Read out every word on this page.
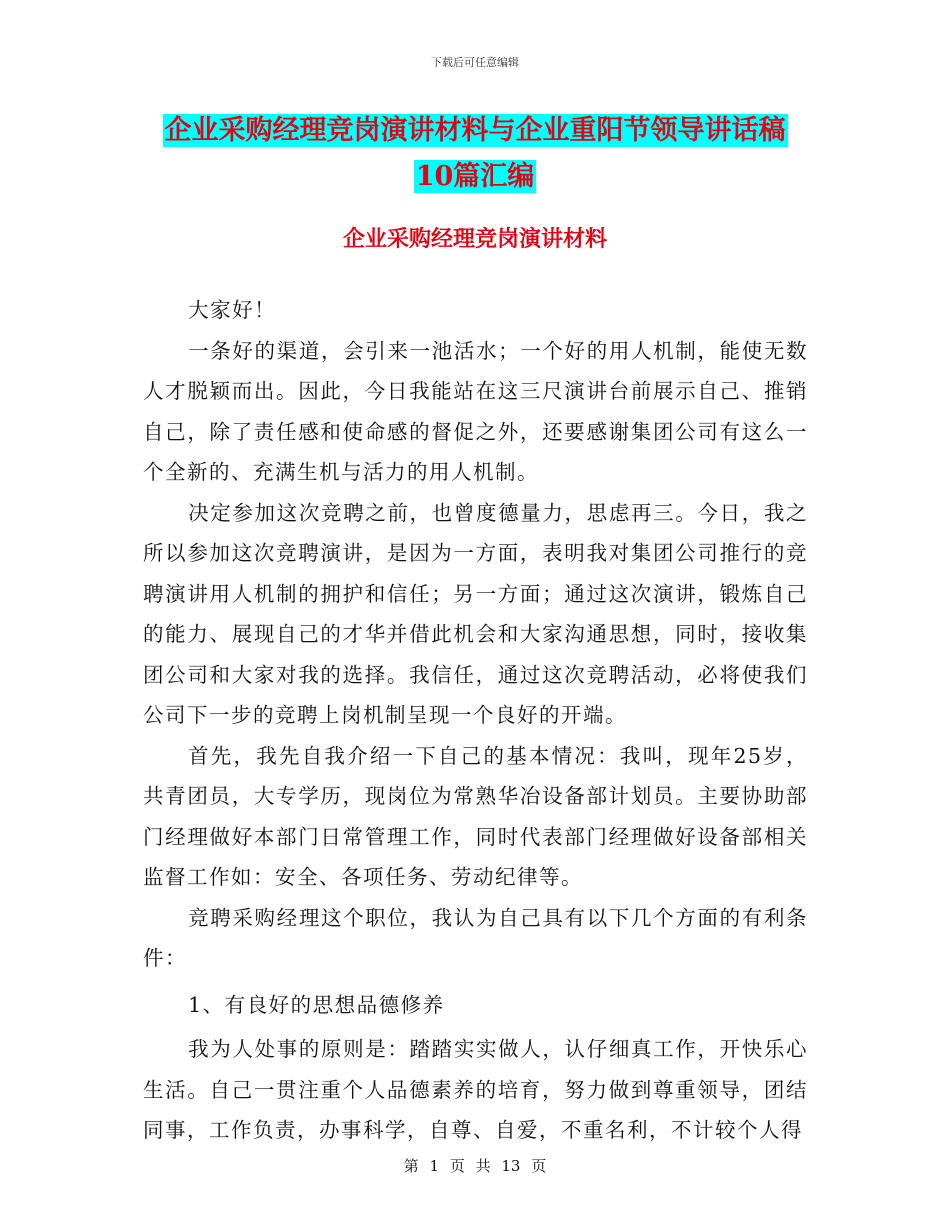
下载后可任意编辑
企业采购经理竞岗演讲材料与企业重阳节领导讲话稿
10篇汇编
企业采购经理竞岗演讲材料

大家好！

一条好的渠道，会引来一池活水；一个好的用人机制，能使无数人才脱颖而出。因此，今日我能站在这三尺演讲台前展示自己、推销自己，除了责任感和使命感的督促之外，还要感谢集团公司有这么一个全新的、充满生机与活力的用人机制。

决定参加这次竞聘之前，也曾度德量力，思虑再三。今日，我之所以参加这次竞聘演讲，是因为一方面，表明我对集团公司推行的竞聘演讲用人机制的拥护和信任；另一方面；通过这次演讲，锻炼自己的能力、展现自己的才华并借此机会和大家沟通思想，同时，接收集团公司和大家对我的选择。我信任，通过这次竞聘活动，必将使我们公司下一步的竞聘上岗机制呈现一个良好的开端。

首先，我先自我介绍一下自己的基本情况：我叫，现年25岁，共青团员，大专学历，现岗位为常熟华冶设备部计划员。主要协助部门经理做好本部门日常管理工作，同时代表部门经理做好设备部相关监督工作如：安全、各项任务、劳动纪律等。

竞聘采购经理这个职位，我认为自己具有以下几个方面的有利条件：

1、有良好的思想品德修养

我为人处事的原则是：踏踏实实做人，认仔细真工作，开快乐心生活。自己一贯注重个人品德素养的培育，努力做到尊重领导，团结同事，工作负责，办事科学，自尊、自爱，不重名利，不计较个人得

第 1 页 共 13 页
